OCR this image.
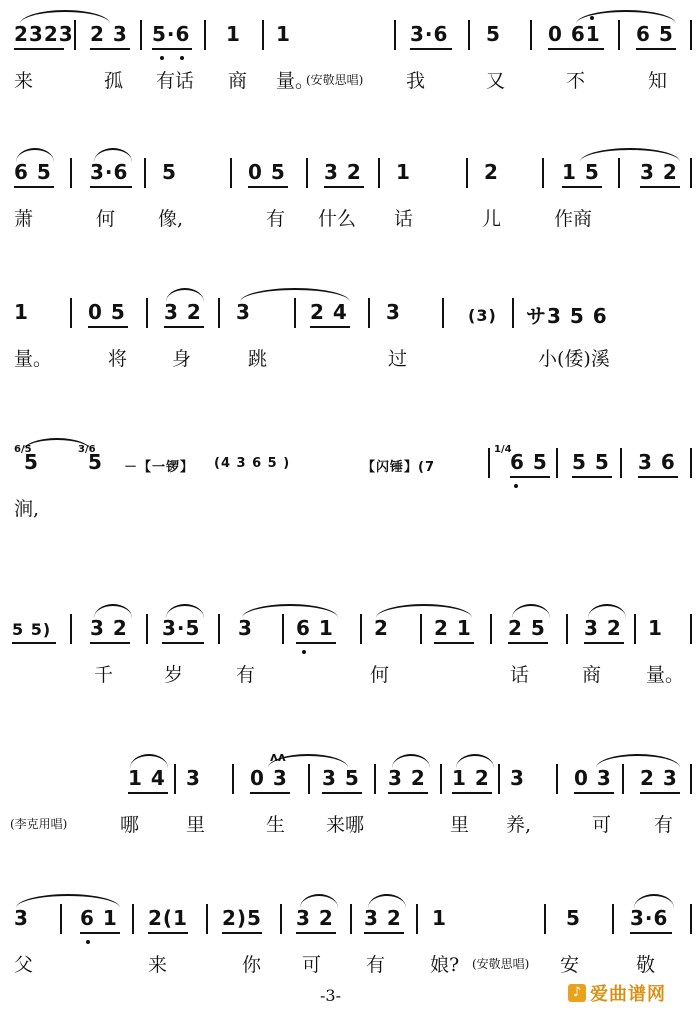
2323 2 3 5·6 1 1	3·6 5 0 61 6 5
来	孤 有话 商 量。
(安敬思唱) 我	又	不	知
6 5 3·6 5	0 5 3 2 1	2	1 5 3 2
萧	何 像,	有 什么 话	儿	作商
1	0 5 3 2 3	2 4 3	(3) サ3 5 6
量。	将 身	跳	过	小(倭)溪
6/5	3/6	1/4
5 5 －【一锣】 (4 3 6 5 )	【闪锤】(7	6 5 5 5 3 6
涧,
5 5) 3 2 3·5 3 6 1 2 2 1 2 5 3 2 1
千	岁	有	何	话	商 量。
1 4 3 0 3 3 5 3 2 1 2 3 0 3 2 3
ᴧᴧ
(李克用唱)	哪 里	生 来哪	里 养,	可 有
3	6 1 2(1 2)5 3 2 3 2 1	5 3·6
父	来	你 可 有 娘? (安敬思唱) 安	敬
-3-	♪ 爱曲谱网
